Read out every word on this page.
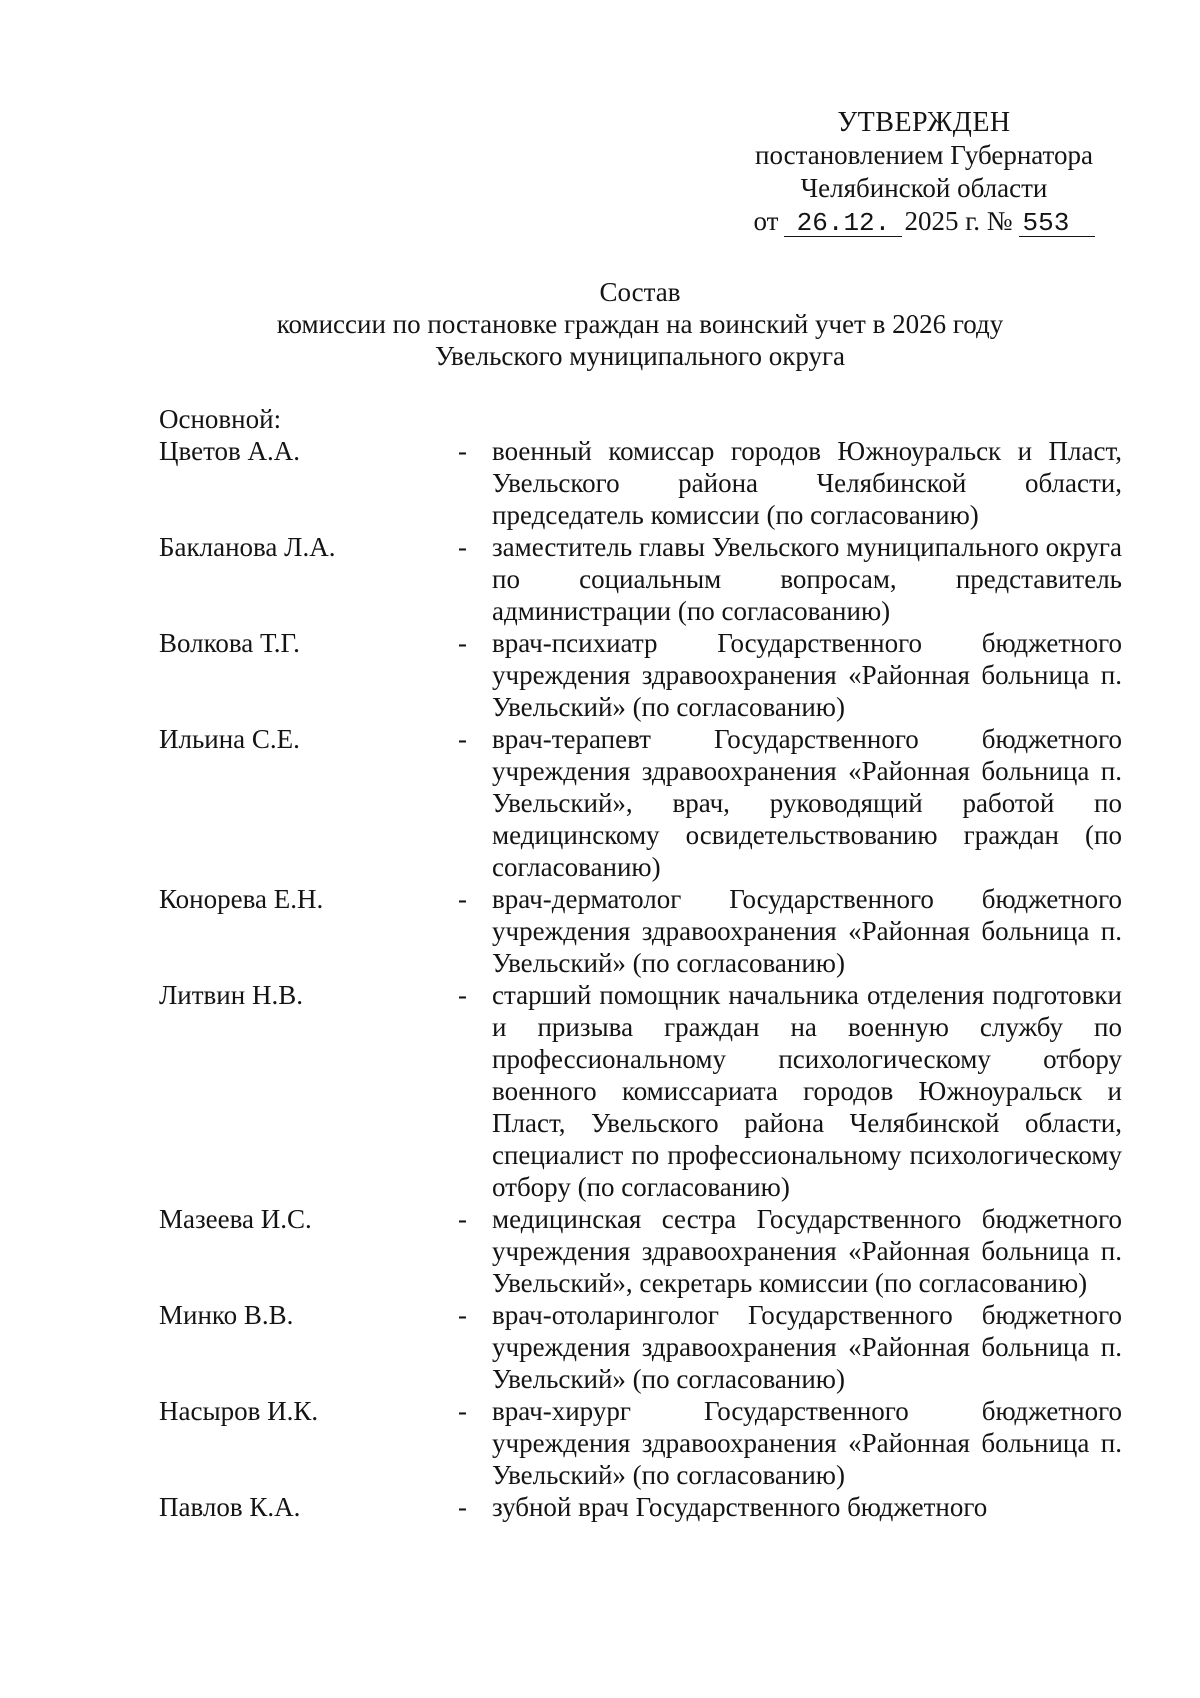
УТВЕРЖДЕН
постановлением Губернатора
Челябинской области
от 26.12. 2025 г. № 553
Состав
комиссии по постановке граждан на воинский учет в 2026 году
Увельского муниципального округа
Основной:
Цветов А.А.	- военный комиссар городов Южноуральск и Пласт, Увельского района Челябинской области, председатель комиссии (по согласованию)
Бакланова Л.А.	- заместитель главы Увельского муниципального округа по социальным вопросам, представитель администрации (по согласованию)
Волкова Т.Г.	- врач-психиатр Государственного бюджетного учреждения здравоохранения «Районная больница п. Увельский» (по согласованию)
Ильина С.Е.	- врач-терапевт Государственного бюджетного учреждения здравоохранения «Районная больница п. Увельский», врач, руководящий работой по медицинскому освидетельствованию граждан (по согласованию)
Конорева Е.Н.	- врач-дерматолог Государственного бюджетного учреждения здравоохранения «Районная больница п. Увельский» (по согласованию)
Литвин Н.В.	- старший помощник начальника отделения подготовки и призыва граждан на военную службу по профессиональному психологическому отбору военного комиссариата городов Южноуральск и Пласт, Увельского района Челябинской области, специалист по профессиональному психологическому отбору (по согласованию)
Мазеева И.С.	- медицинская сестра Государственного бюджетного учреждения здравоохранения «Районная больница п. Увельский», секретарь комиссии (по согласованию)
Минко В.В.	- врач-отоларинголог Государственного бюджетного учреждения здравоохранения «Районная больница п. Увельский» (по согласованию)
Насыров И.К.	- врач-хирург Государственного бюджетного учреждения здравоохранения «Районная больница п. Увельский» (по согласованию)
Павлов К.А.	- зубной врач Государственного бюджетного
